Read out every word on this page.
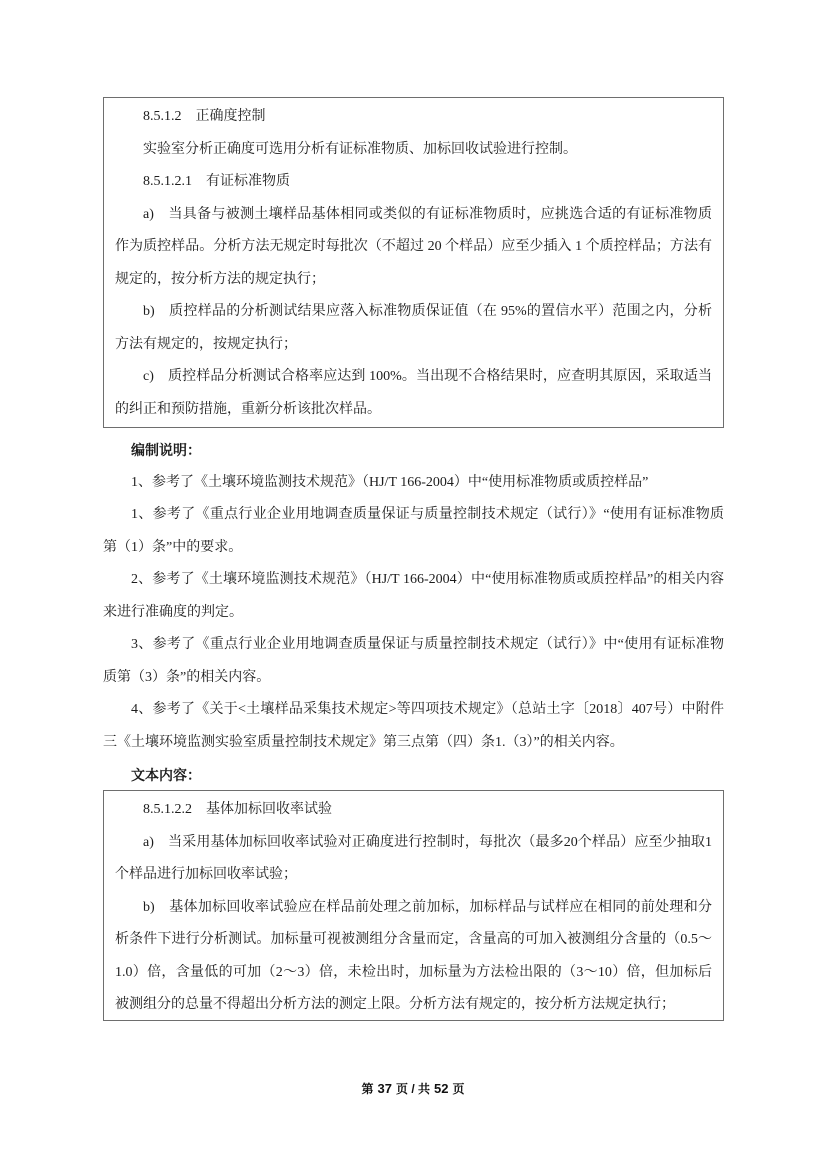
8.5.1.2　正确度控制

实验室分析正确度可选用分析有证标准物质、加标回收试验进行控制。

8.5.1.2.1　有证标准物质

a)　当具备与被测土壤样品基体相同或类似的有证标准物质时，应挑选合适的有证标准物质作为质控样品。分析方法无规定时每批次（不超过 20 个样品）应至少插入 1 个质控样品；方法有规定的，按分析方法的规定执行；

b)　质控样品的分析测试结果应落入标准物质保证值（在 95%的置信水平）范围之内，分析方法有规定的，按规定执行；

c)　质控样品分析测试合格率应达到 100%。当出现不合格结果时，应查明其原因，采取适当的纠正和预防措施，重新分析该批次样品。

编制说明：

1、参考了《土壤环境监测技术规范》（HJ/T 166-2004）中“使用标准物质或质控样品”

1、参考了《重点行业企业用地调查质量保证与质量控制技术规定（试行）》“使用有证标准物质第（1）条”中的要求。

2、参考了《土壤环境监测技术规范》（HJ/T 166-2004）中“使用标准物质或质控样品”的相关内容来进行准确度的判定。

3、参考了《重点行业企业用地调查质量保证与质量控制技术规定（试行）》中“使用有证标准物质第（3）条”的相关内容。

4、参考了《关于<土壤样品采集技术规定>等四项技术规定》（总站土字〔2018〕407号）中附件三《土壤环境监测实验室质量控制技术规定》第三点第（四）条1.（3）”的相关内容。

文本内容：

8.5.1.2.2　基体加标回收率试验

a)　当采用基体加标回收率试验对正确度进行控制时，每批次（最多20个样品）应至少抽取1个样品进行加标回收率试验；

b)　基体加标回收率试验应在样品前处理之前加标，加标样品与试样应在相同的前处理和分析条件下进行分析测试。加标量可视被测组分含量而定，含量高的可加入被测组分含量的（0.5～1.0）倍，含量低的可加（2～3）倍，未检出时，加标量为方法检出限的（3～10）倍，但加标后被测组分的总量不得超出分析方法的测定上限。分析方法有规定的，按分析方法规定执行；

第 37 页 / 共 52 页
